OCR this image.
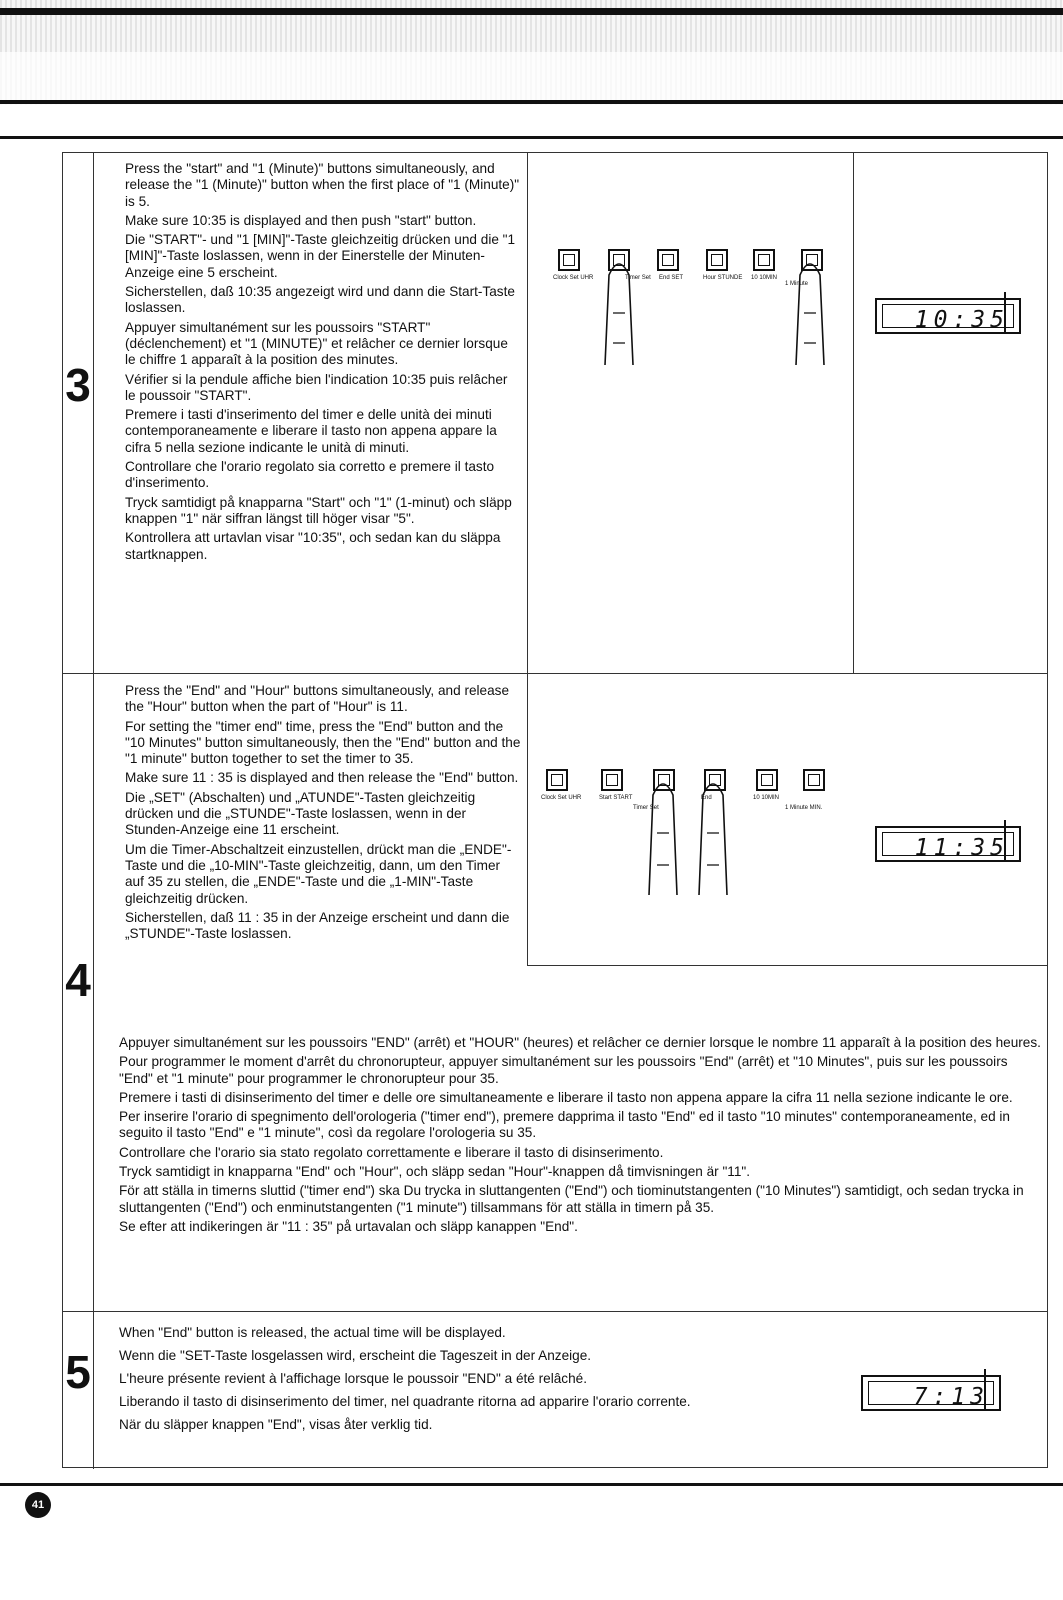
3

Press the "start" and "1 (Minute)" buttons simultaneously, and release the "1 (Minute)" button when the first place of "1 (Minute)" is 5.

Make sure 10:35 is displayed and then push "start" button.

Die "START"- und "1 [MIN]"-Taste gleichzeitig drücken und die "1 [MIN]"-Taste loslassen, wenn in der Einerstelle der Minuten-Anzeige eine 5 erscheint.

Sicherstellen, daß 10:35 angezeigt wird und dann die Start-Taste loslassen.

Appuyer simultanément sur les poussoirs "START" (déclenchement) et "1 (MINUTE)" et relâcher ce dernier lorsque le chiffre 1 apparaît à la position des minutes.

Vérifier si la pendule affiche bien l'indication 10:35 puis relâcher le poussoir "START".

Premere i tasti d'inserimento del timer e delle unità dei minuti contemporaneamente e liberare il tasto non appena appare la cifra 5 nella sezione indicante le unità di minuti.

Controllare che l'orario regolato sia corretto e premere il tasto d'inserimento.

Tryck samtidigt på knapparna "Start" och "1" (1-minut) och släpp knappen "1" när siffran längst till höger visar "5".

Kontrollera att urtavlan visar "10:35", och sedan kan du släppa startknappen.

Clock Set UHR	Timer Set	End SET	Hour STUNDE 10 10MIN
1 Minute
10:35
4

Press the "End" and "Hour" buttons simultaneously, and release the "Hour" button when the part of "Hour" is 11.

For setting the "timer end" time, press the "End" button and the "10 Minutes" button simultaneously, then the "End" button and the "1 minute" button together to set the timer to 35.

Make sure 11 : 35 is displayed and then release the "End" button.

Die „SET" (Abschalten) und „ATUNDE"-Tasten gleichzeitig drücken und die „STUNDE"-Taste loslassen, wenn in der Stunden-Anzeige eine 11 erscheint.

Um die Timer-Abschaltzeit einzustellen, drückt man die „ENDE"-Taste und die „10-MIN"-Taste gleichzeitig, dann, um den Timer auf 35 zu stellen, die „ENDE"-Taste und die „1-MIN"-Taste gleichzeitig drücken.

Sicherstellen, daß 11 : 35 in der Anzeige erscheint und dann die „STUNDE"-Taste loslassen.

Appuyer simultanément sur les poussoirs "END" (arrêt) et "HOUR" (heures) et relâcher ce dernier lorsque le nombre 11 apparaît à la position des heures.

Pour programmer le moment d'arrêt du chronorupteur, appuyer simultanément sur les poussoirs "End" (arrêt) et "10 Minutes", puis sur les poussoirs "End" et "1 minute" pour programmer le chronorupteur pour 35.

Premere i tasti di disinserimento del timer e delle ore simultaneamente e liberare il tasto non appena appare la cifra 11 nella sezione indicante le ore.

Per inserire l'orario di spegnimento dell'orologeria ("timer end"), premere dapprima il tasto "End" ed il tasto "10 minutes" contemporaneamente, ed in seguito il tasto "End" e "1 minute", così da regolare l'orologeria su 35.

Controllare che l'orario sia stato regolato correttamente e liberare il tasto di disinserimento.

Tryck samtidigt in knapparna "End" och "Hour", och släpp sedan "Hour"-knappen då timvisningen är "11".

För att ställa in timerns sluttid ("timer end") ska Du trycka in sluttangenten ("End") och tiominutstangenten ("10 Minutes") samtidigt, och sedan trycka in sluttangenten ("End") och enminutstangenten ("1 minute") tillsammans för att ställa in timern på 35.

Se efter att indikeringen är "11 : 35" på urtavalan och släpp kanappen "End".

Clock Set UHR	Start START
Timer Set
End	10 10MIN
1 Minute MIN.
11:35
5

When "End" button is released, the actual time will be displayed.

Wenn die "SET-Taste losgelassen wird, erscheint die Tageszeit in der Anzeige.

L'heure présente revient à l'affichage lorsque le poussoir "END" a été relâché.

Liberando il tasto di disinserimento del timer, nel quadrante ritorna ad apparire l'orario corrente.

När du släpper knappen "End", visas åter verklig tid.

7:13
41
